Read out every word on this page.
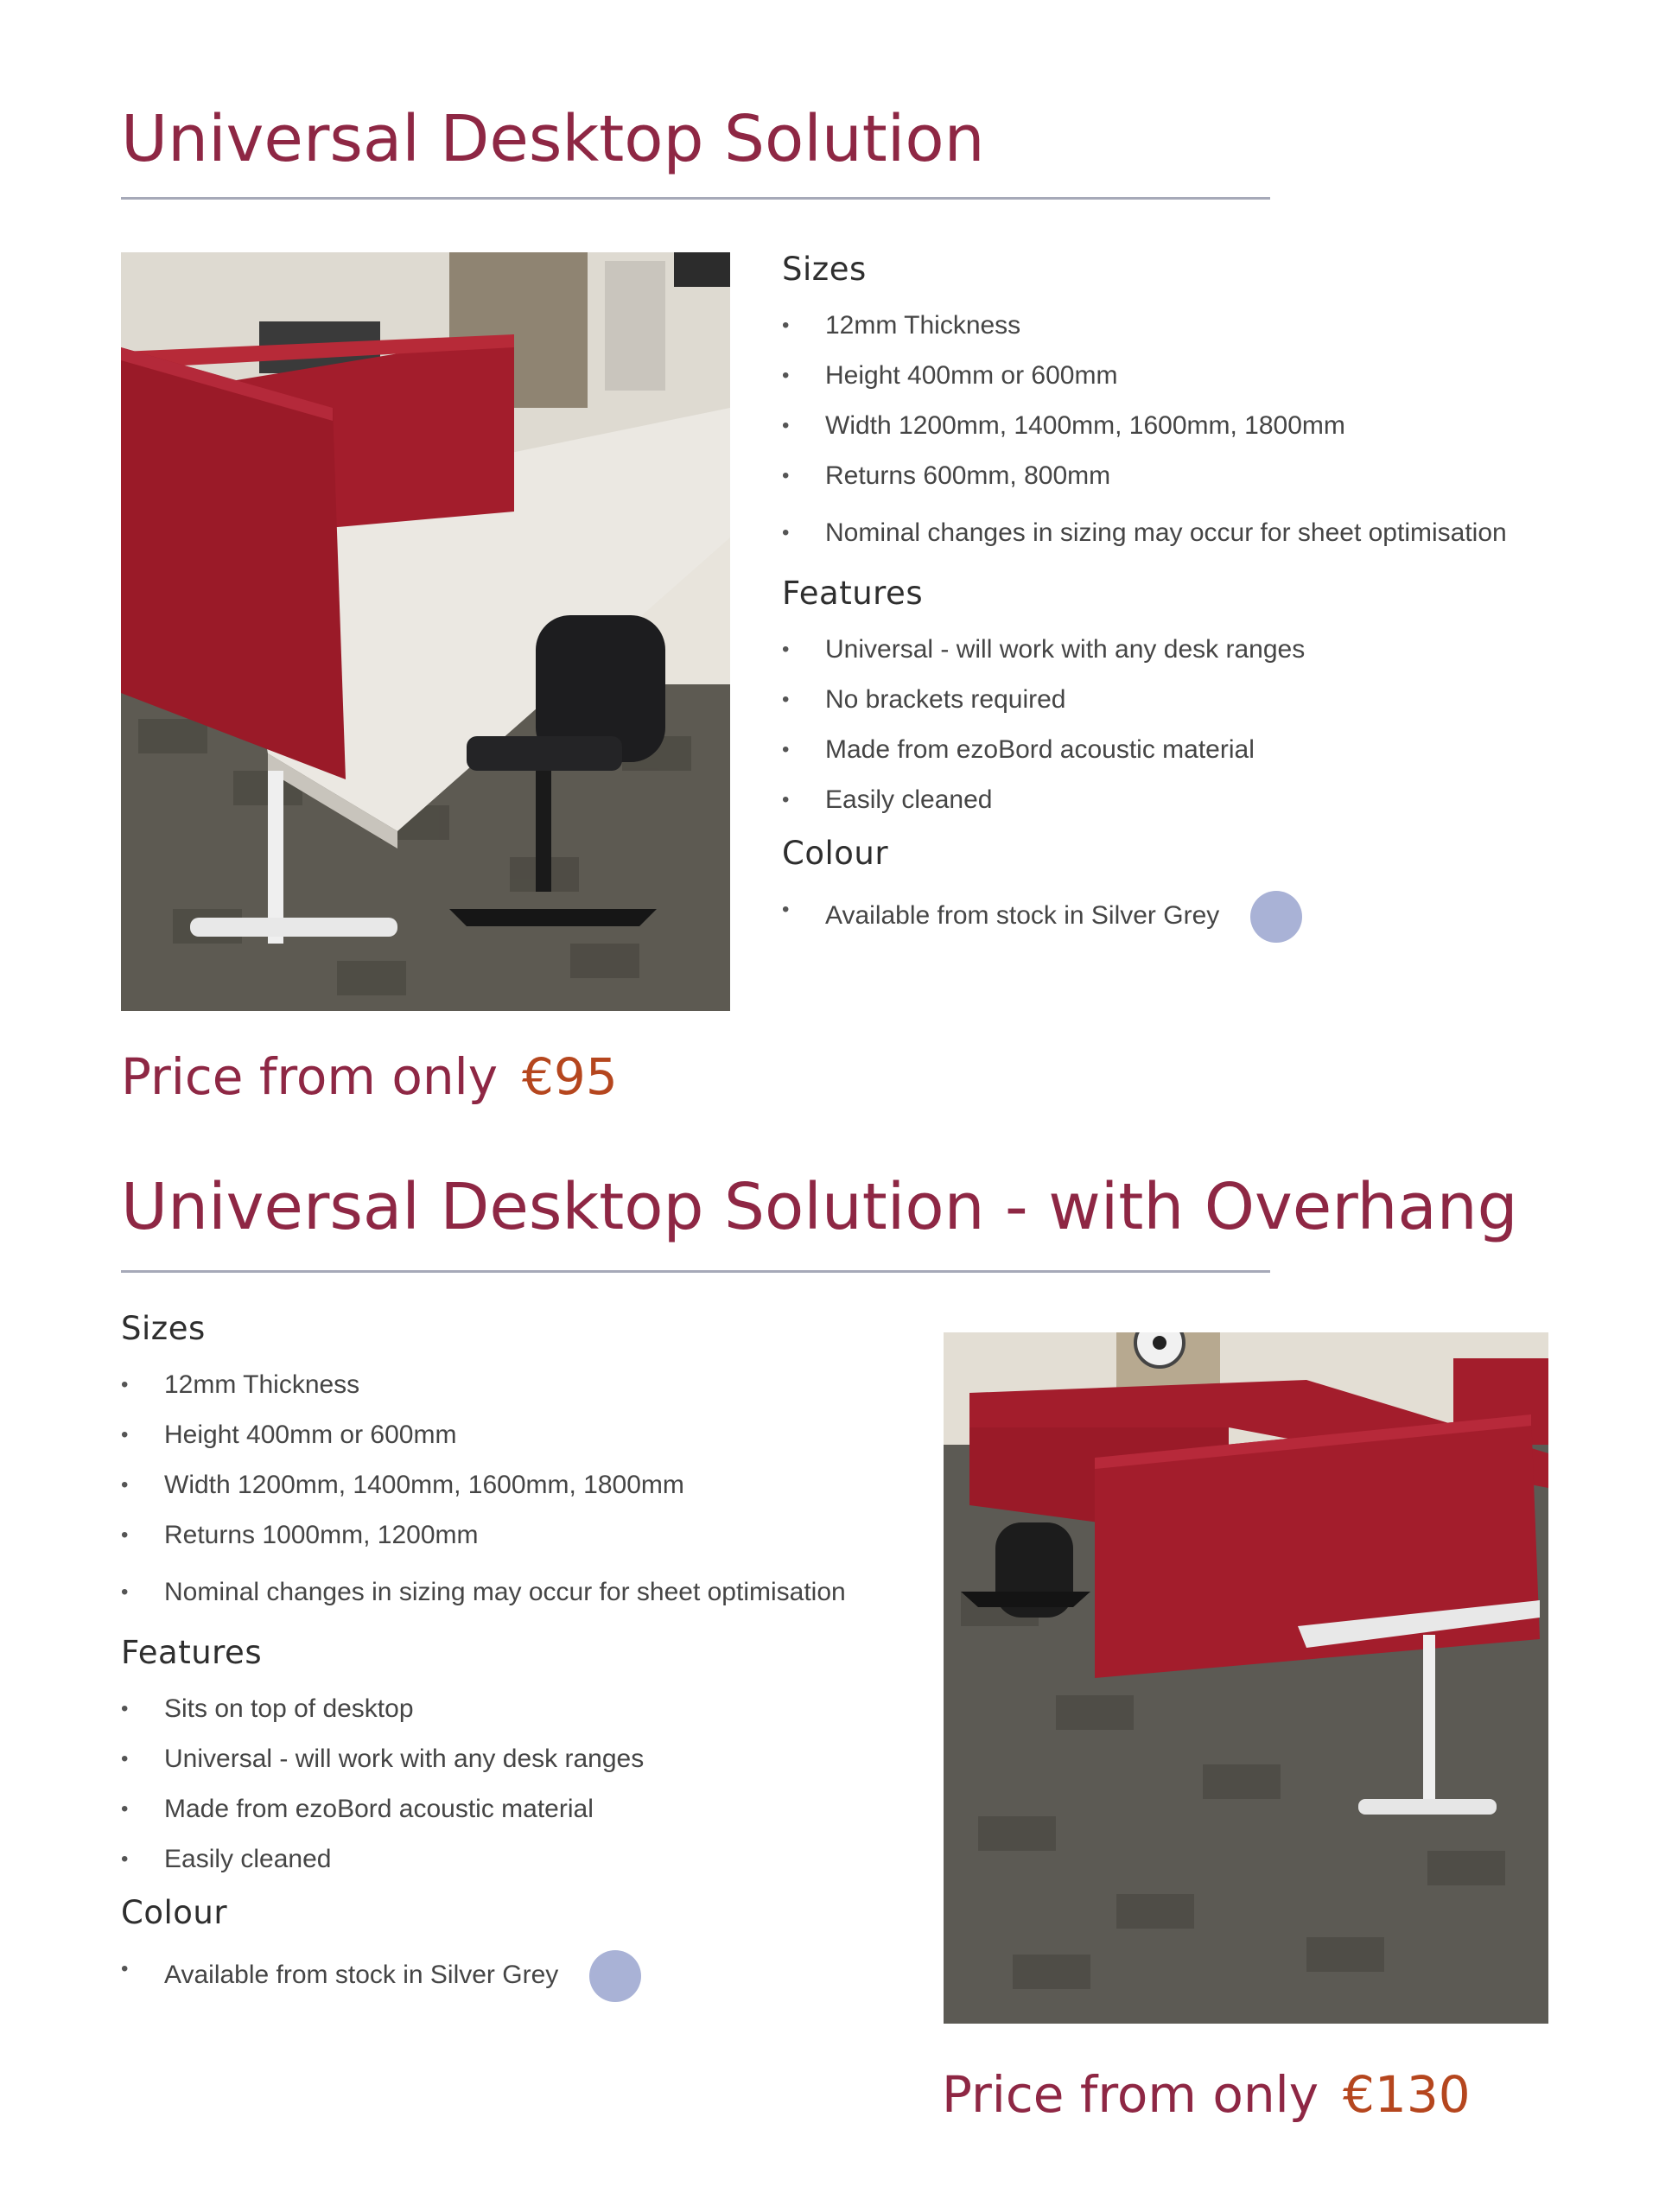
Universal Desktop Solution
Sizes
• 12mm Thickness
• Height 400mm or 600mm
• Width 1200mm, 1400mm, 1600mm, 1800mm
• Returns 600mm, 800mm
• Nominal changes in sizing may occur for sheet optimisation
Features
• Universal - will work with any desk ranges
• No brackets required
• Made from ezoBord acoustic material
• Easily cleaned
Colour
• Available from stock in Silver Grey
Price from only €95
Universal Desktop Solution - with Overhang
Sizes
• 12mm Thickness
• Height 400mm or 600mm
• Width 1200mm, 1400mm, 1600mm, 1800mm
• Returns 1000mm, 1200mm
• Nominal changes in sizing may occur for sheet optimisation
Features
• Sits on top of desktop
• Universal - will work with any desk ranges
• Made from ezoBord acoustic material
• Easily cleaned
Colour
• Available from stock in Silver Grey
Price from only €130
